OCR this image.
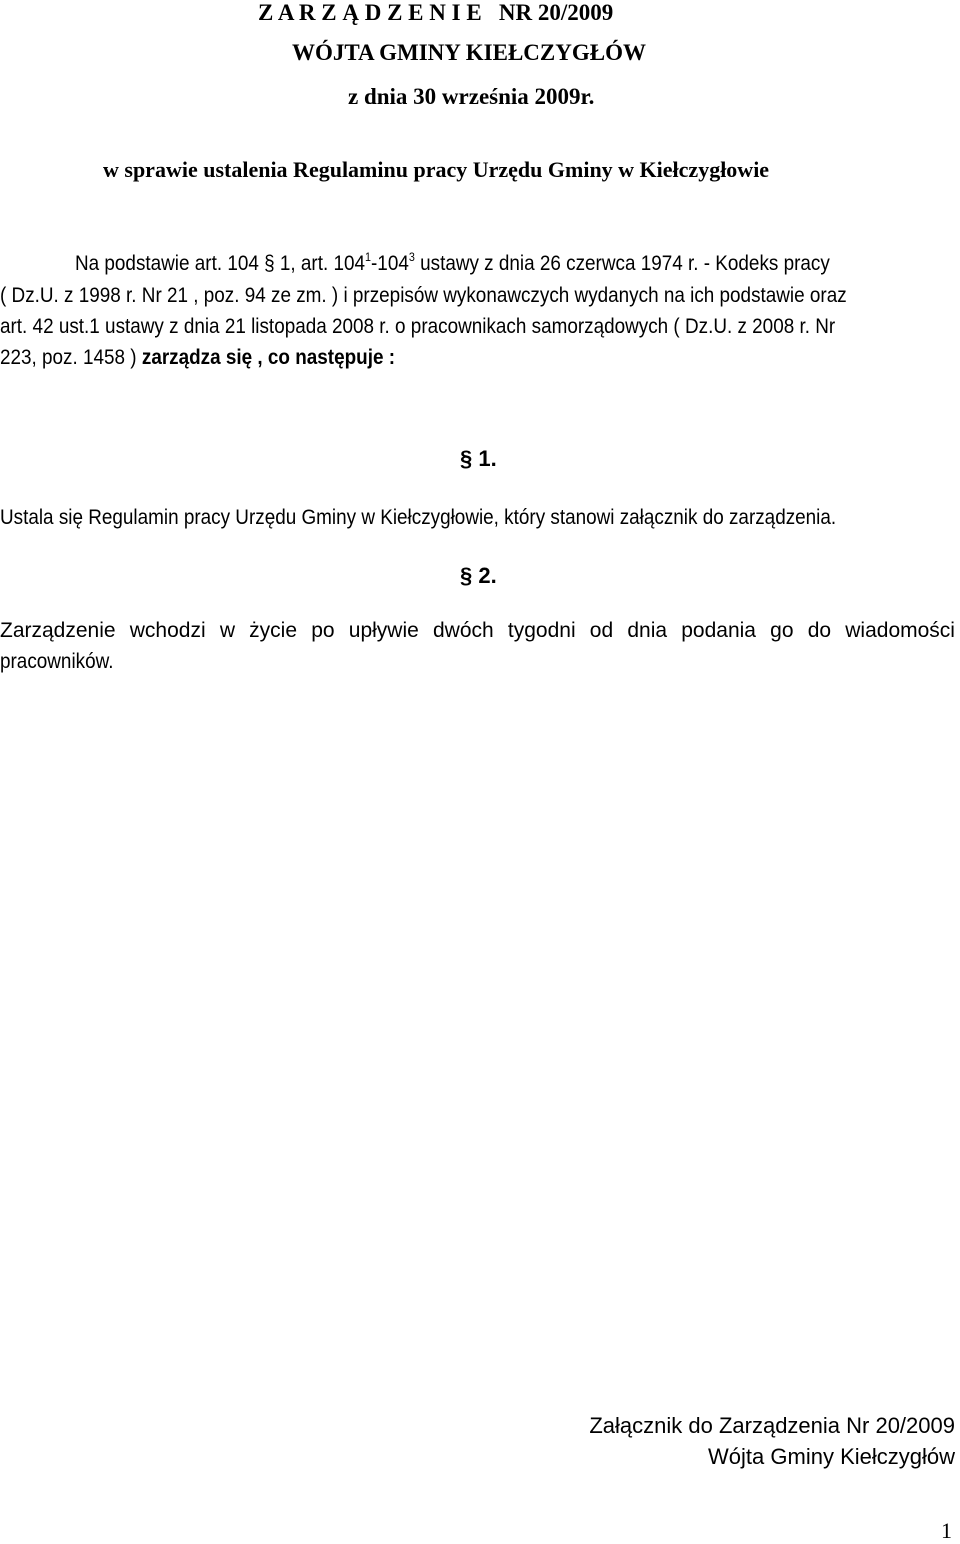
Z A R Z Ą D Z E N I E NR 20/2009
WÓJTA GMINY KIEŁCZYGŁÓW
z dnia 30 września 2009r.
w sprawie ustalenia Regulaminu pracy Urzędu Gminy w Kiełczygłowie
Na podstawie art. 104 § 1, art. $104^1-104^3$ ustawy z dnia 26 czerwca 1974 r. - Kodeks pracy
( Dz.U. z 1998 r. Nr 21 , poz. 94 ze zm. ) i przepisów wykonawczych wydanych na ich podstawie oraz
art. 42 ust.1 ustawy z dnia 21 listopada 2008 r. o pracownikach samorządowych ( Dz.U. z 2008 r. Nr
223, poz. 1458 ) zarządza się , co następuje :
§ 1.
Ustala się Regulamin pracy Urzędu Gminy w Kiełczygłowie, który stanowi załącznik do zarządzenia.
§ 2.
Zarządzenie wchodzi w życie po upływie dwóch tygodni od dnia podania go do wiadomości
pracowników.
Załącznik do Zarządzenia Nr 20/2009
Wójta Gminy Kiełczygłów
1
